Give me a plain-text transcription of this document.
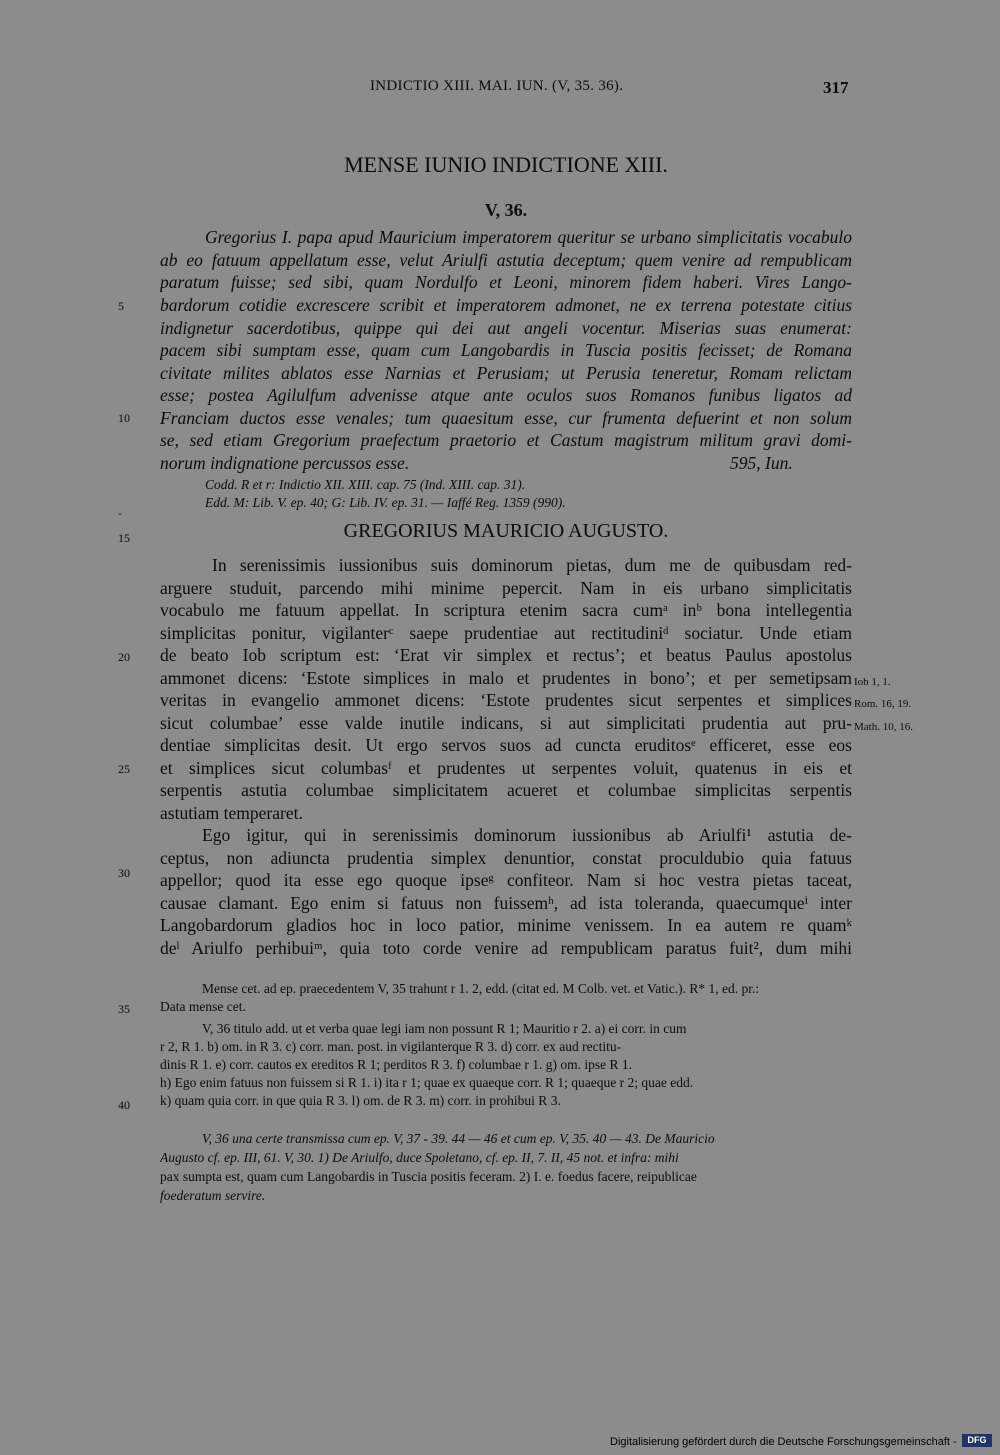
INDICTIO XIII. MAI. IUN. (V, 35. 36).	317
MENSE IUNIO INDICTIONE XIII.
V, 36.
Gregorius I. papa apud Mauricium imperatorem queritur se urbano simplicitatis vocabulo
ab eo fatuum appellatum esse, velut Ariulfi astutia deceptum; quem venire ad rempublicam
paratum fuisse; sed sibi, quam Nordulfo et Leoni, minorem fidem haberi. Vires Lango-
bardorum cotidie excrescere scribit et imperatorem admonet, ne ex terrena potestate citius
indignetur sacerdotibus, quippe qui dei aut angeli vocentur. Miserias suas enumerat:
pacem sibi sumptam esse, quam cum Langobardis in Tuscia positis fecisset; de Romana
civitate milites ablatos esse Narnias et Perusiam; ut Perusia teneretur, Romam relictam
esse; postea Agilulfum advenisse atque ante oculos suos Romanos funibus ligatos ad
Franciam ductos esse venales; tum quaesitum esse, cur frumenta defuerint et non solum
se, sed etiam Gregorium praefectum praetorio et Castum magistrum militum gravi domi-
norum indignatione percussos esse.	595, Iun.
Codd. R et r: Indictio XII. XIII. cap. 75 (Ind. XIII. cap. 31).
Edd. M: Lib. V. ep. 40; G: Lib. IV. ep. 31. — Iaffé Reg. 1359 (990).
-
GREGORIUS MAURICIO AUGUSTO.
In serenissimis iussionibus suis dominorum pietas, dum me de quibusdam red-
arguere studuit, parcendo mihi minime pepercit. Nam in eis urbano simplicitatis
vocabulo me fatuum appellat. In scriptura etenim sacra cumᵃ inᵇ bona intellegentia
simplicitas ponitur, vigilanterᶜ saepe prudentiae aut rectitudiniᵈ sociatur. Unde etiam
de beato Iob scriptum est: ‘Erat vir simplex et rectus’; et beatus Paulus apostolus
ammonet dicens: ‘Estote simplices in malo et prudentes in bono’; et per semetipsam
veritas in evangelio ammonet dicens: ‘Estote prudentes sicut serpentes et simplices
sicut columbae’ esse valde inutile indicans, si aut simplicitati prudentia aut pru-
dentiae simplicitas desit. Ut ergo servos suos ad cuncta eruditosᵉ efficeret, esse eos
et simplices sicut columbasᶠ et prudentes ut serpentes voluit, quatenus in eis et
serpentis astutia columbae simplicitatem acueret et columbae simplicitas serpentis
astutiam temperaret.
Ego igitur, qui in serenissimis dominorum iussionibus ab Ariulfi¹ astutia de-
ceptus, non adiuncta prudentia simplex denuntior, constat proculdubio quia fatuus
appellor; quod ita esse ego quoque ipseᵍ confiteor. Nam si hoc vestra pietas taceat,
causae clamant. Ego enim si fatuus non fuissemʰ, ad ista toleranda, quaecumqueⁱ inter
Langobardorum gladios hoc in loco patior, minime venissem. In ea autem re quamᵏ
deˡ Ariulfo perhibuiᵐ, quia toto corde venire ad rempublicam paratus fuit², dum mihi
Iob 1, 1.
Rom. 16, 19.
Math. 10, 16.
5
10
15
20
25
30
35
40
Mense cet. ad ep. praecedentem V, 35 trahunt r 1. 2, edd. (citat ed. M Colb. vet. et Vatic.). R* 1, ed. pr.:
Data mense cet.
V, 36 titulo add. ut et verba quae legi iam non possunt R 1; Mauritio r 2. a) ei corr. in cum
r 2, R 1. b) om. in R 3. c) corr. man. post. in vigilanterque R 3. d) corr. ex aud rectitu-
dinis R 1. e) corr. cautos ex ereditos R 1; perditos R 3. f) columbae r 1. g) om. ipse R 1.
h) Ego enim fatuus non fuissem si R 1. i) ita r 1; quae ex quaeque corr. R 1; quaeque r 2; quae edd.
k) quam quia corr. in que quia R 3. l) om. de R 3. m) corr. in prohibui R 3.
V, 36 una certe transmissa cum ep. V, 37 - 39. 44 — 46 et cum ep. V, 35. 40 — 43. De Mauricio
Augusto cf. ep. III, 61. V, 30. 1) De Ariulfo, duce Spoletano, cf. ep. II, 7. II, 45 not. et infra: mihi
pax sumpta est, quam cum Langobardis in Tuscia positis feceram. 2) I. e. foedus facere, reipublicae
foederatum servire.
Digitalisierung gefördert durch die Deutsche Forschungsgemeinschaft -	DFG
